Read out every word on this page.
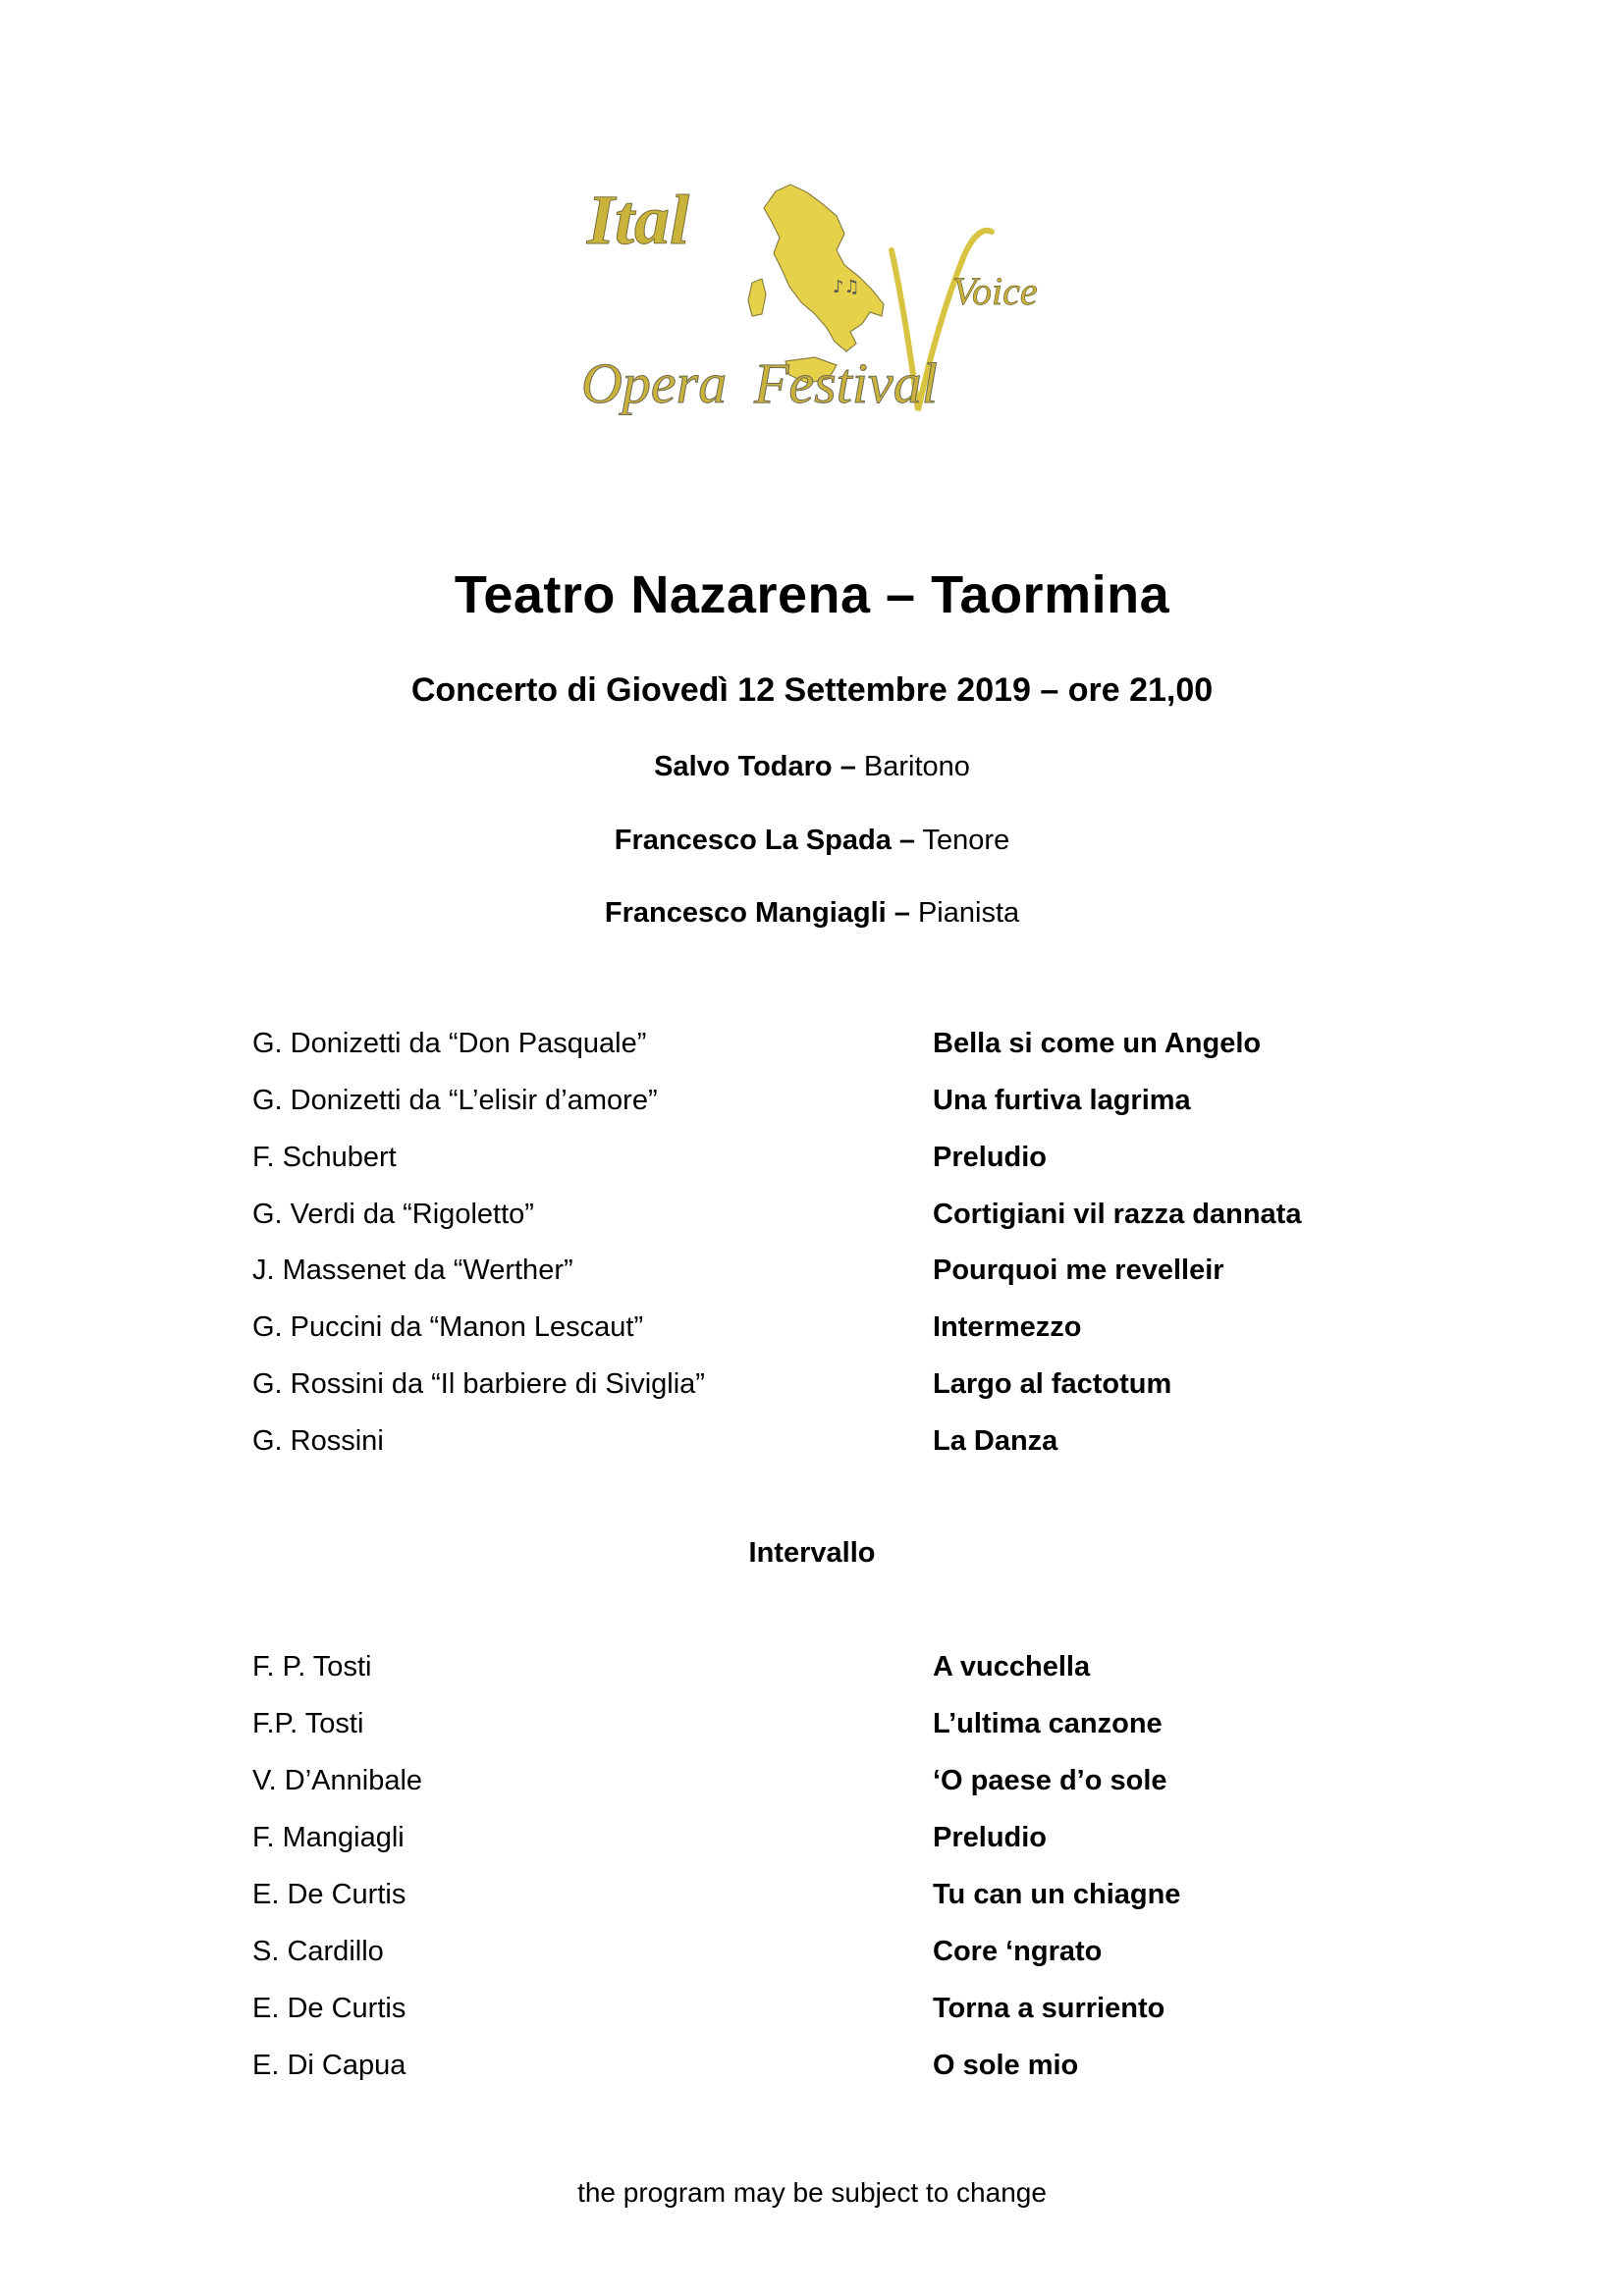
♪♫
Ital
Voice
Opera Festival
Teatro Nazarena – Taormina
Concerto di Giovedì 12 Settembre 2019 – ore 21,00
Salvo Todaro – Baritono
Francesco La Spada – Tenore
Francesco Mangiagli – Pianista
G. Donizetti da “Don Pasquale”	Bella si come un Angelo
G. Donizetti da “L’elisir d’amore”	Una furtiva lagrima
F. Schubert	Preludio
G. Verdi da “Rigoletto”	Cortigiani vil razza dannata
J. Massenet da “Werther”	Pourquoi me revelleir
G. Puccini da “Manon Lescaut”	Intermezzo
G. Rossini da “Il barbiere di Siviglia”	Largo al factotum
G. Rossini	La Danza
Intervallo
F. P. Tosti	A vucchella
F.P. Tosti	L’ultima canzone
V. D’Annibale	‘O paese d’o sole
F. Mangiagli	Preludio
E. De Curtis	Tu can un chiagne
S. Cardillo	Core ‘ngrato
E. De Curtis	Torna a surriento
E. Di Capua	O sole mio
the program may be subject to change
